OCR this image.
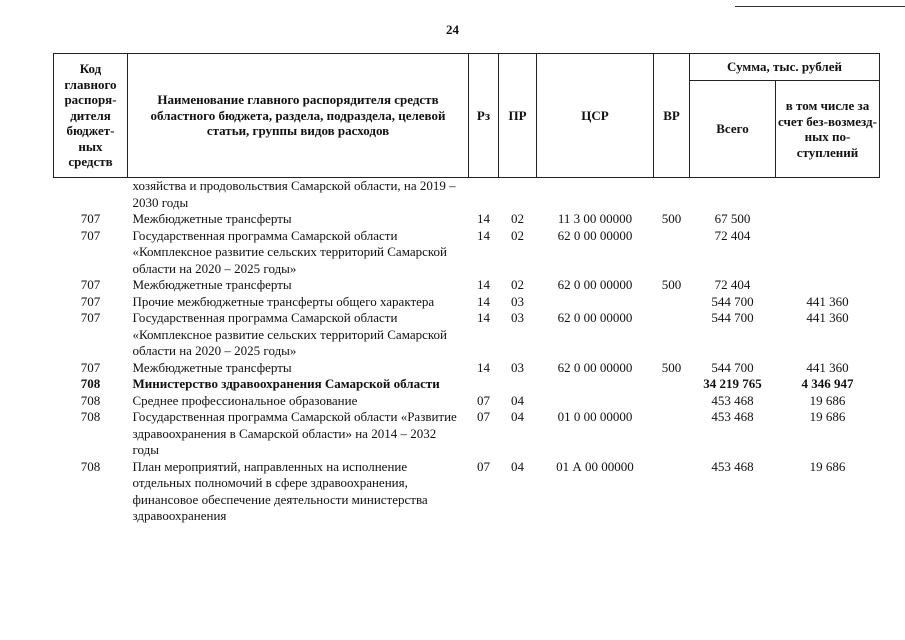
24
Код главного распоря-дителя бюджет-ных средств	Наименование главного распорядителя средств областного бюджета, раздела, подраздела, целевой статьи, группы видов расходов	Рз	ПР	ЦСР	ВР	Сумма, тыс. рублей	
						Всего	в том числе за счет без-возмезд-ных по-ступлений
	хозяйства и продовольствия Самарской области, на 2019 – 2030 годы						
707	Межбюджетные трансферты	14	02	11 3 00 00000	500	67 500	
707	Государственная программа Самарской области «Комплексное развитие сельских территорий Самарской области на 2020 – 2025 годы»	14	02	62 0 00 00000		72 404	
707	Межбюджетные трансферты	14	02	62 0 00 00000	500	72 404	
707	Прочие межбюджетные трансферты общего характера	14	03			544 700	441 360
707	Государственная программа Самарской области «Комплексное развитие сельских территорий Самарской области на 2020 – 2025 годы»	14	03	62 0 00 00000		544 700	441 360
707	Межбюджетные трансферты	14	03	62 0 00 00000	500	544 700	441 360
708	Министерство здравоохранения Самарской области					34 219 765	4 346 947
708	Среднее профессиональное образование	07	04			453 468	19 686
708	Государственная программа Самарской области «Развитие здравоохранения в Самарской области» на 2014 – 2032 годы	07	04	01 0 00 00000		453 468	19 686
708	План мероприятий, направленных на исполнение отдельных полномочий в сфере здравоохранения, финансовое обеспечение деятельности министерства здравоохранения	07	04	01 А 00 00000		453 468	19 686
